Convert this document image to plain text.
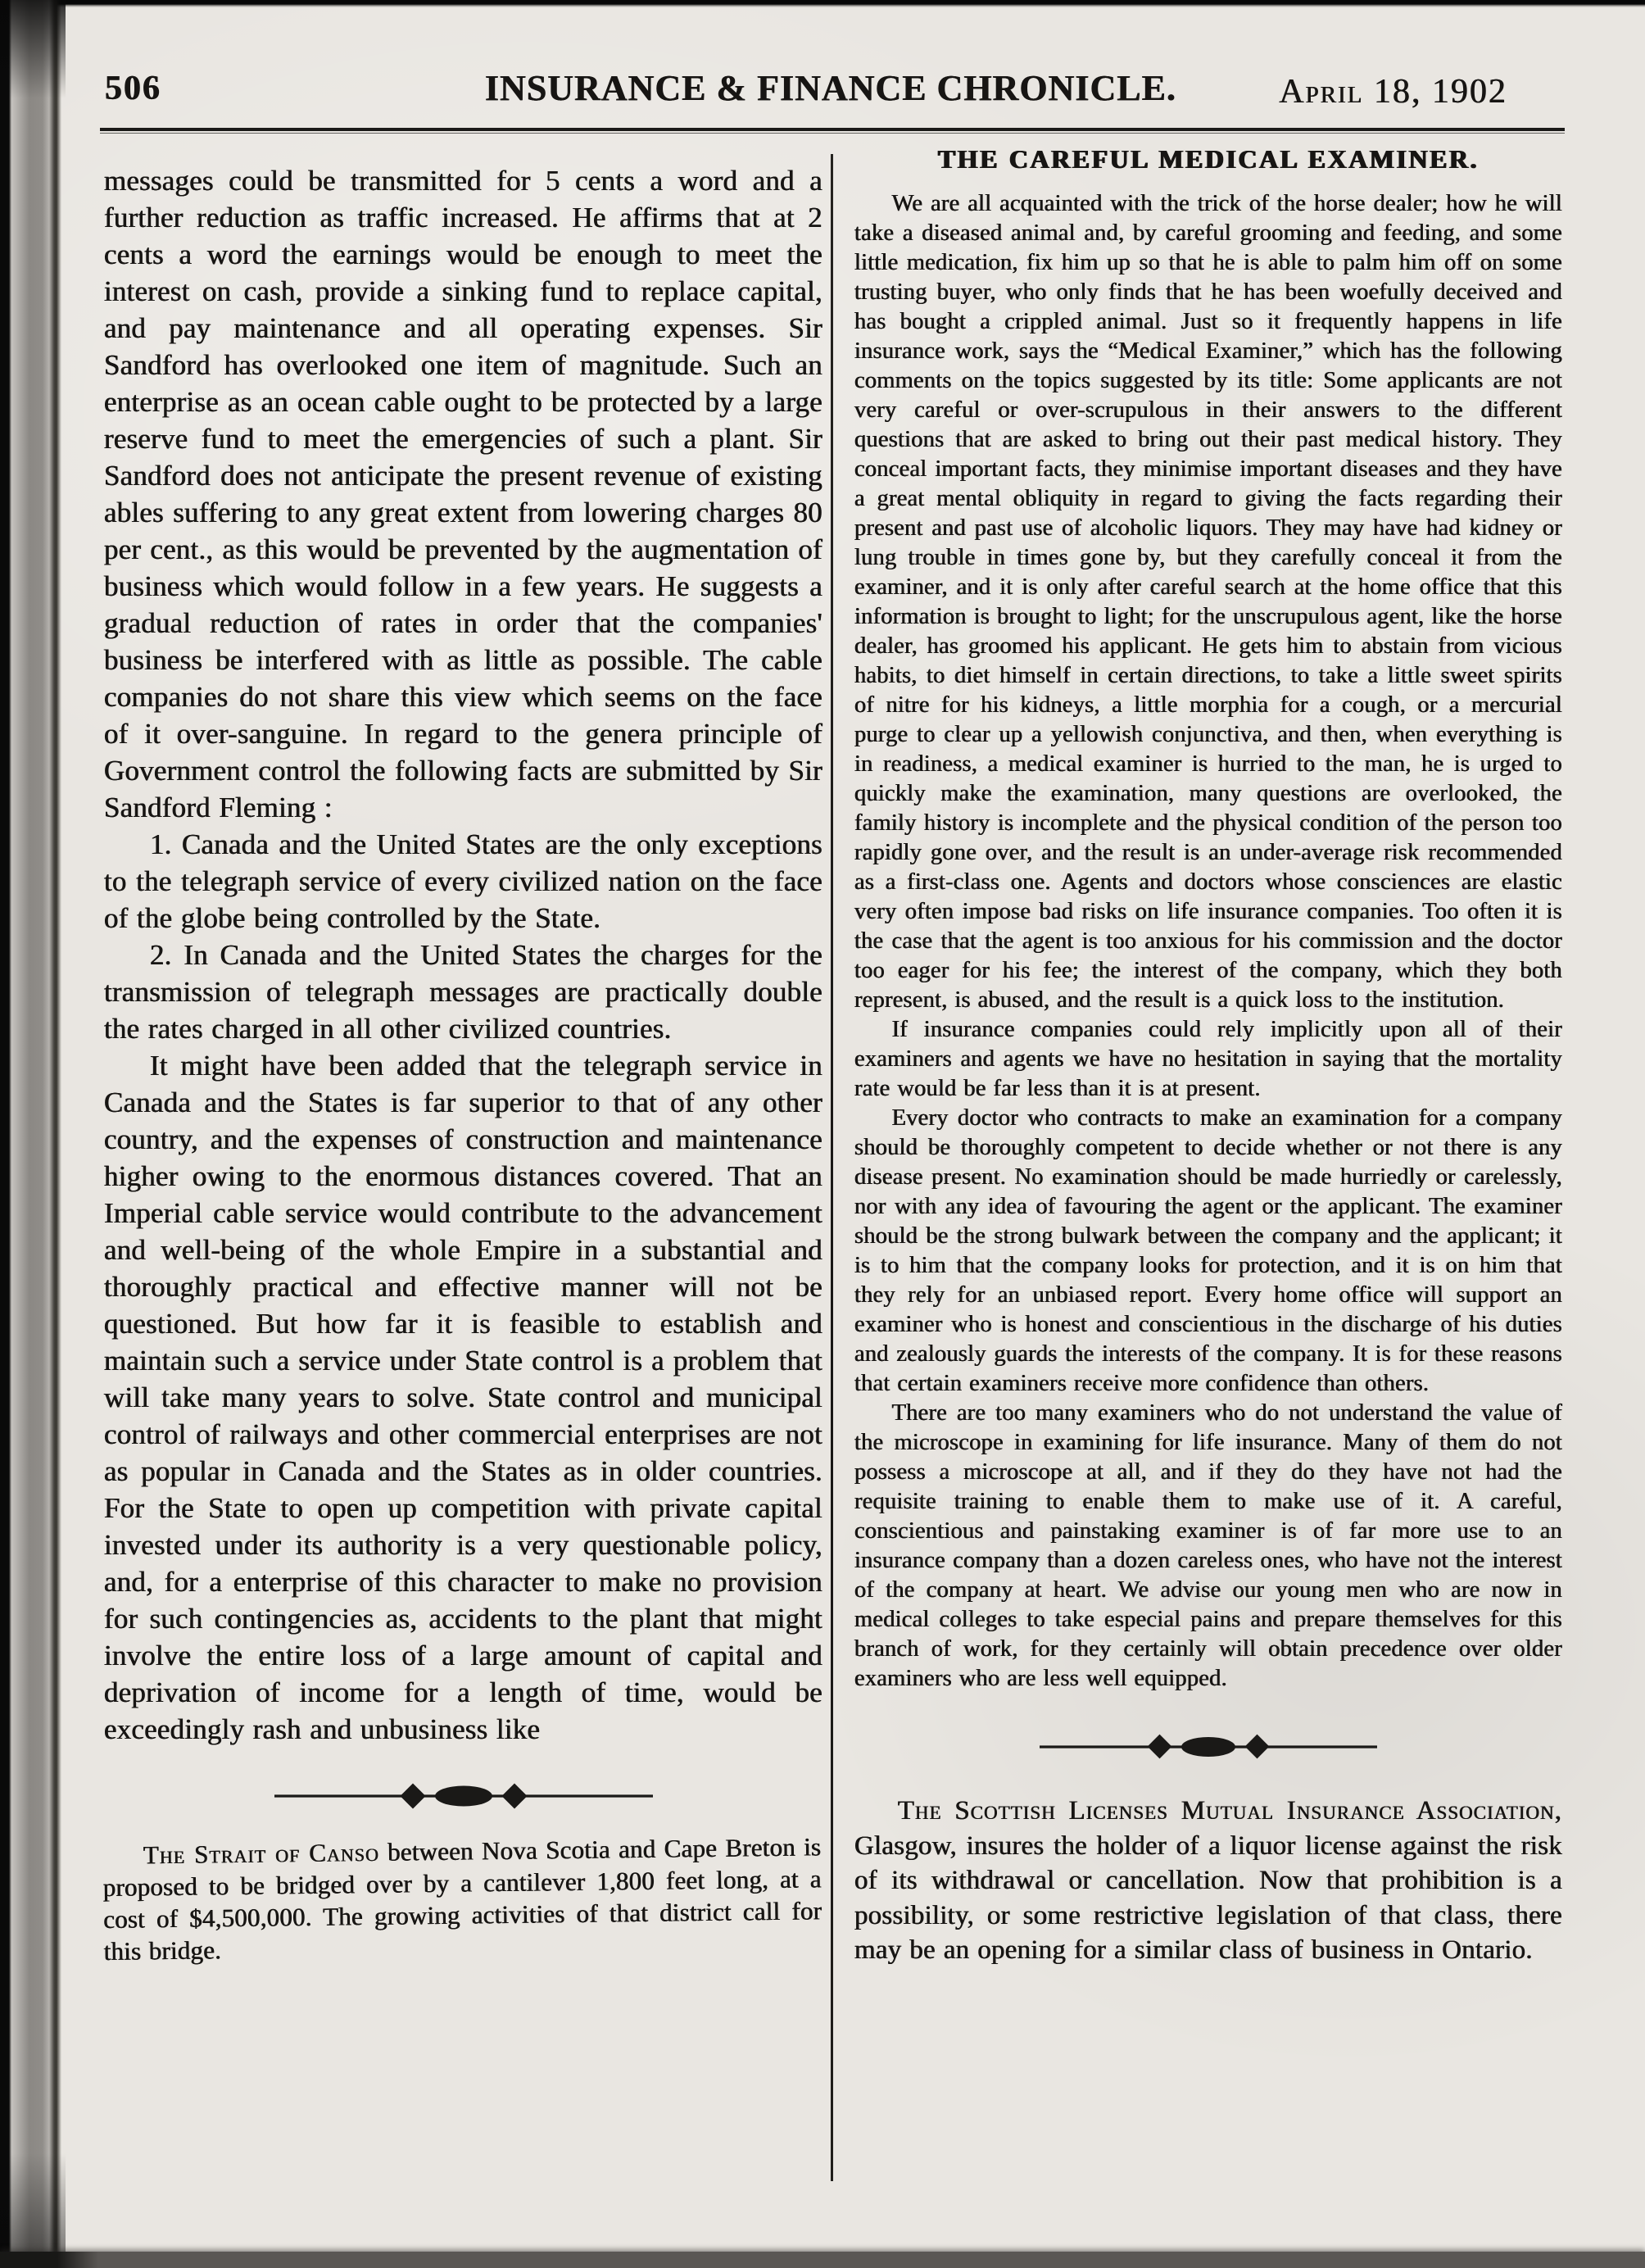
506	INSURANCE & FINANCE CHRONICLE.	April 18, 1902

messages could be transmitted for 5 cents a word and a further reduction as traffic increased. He affirms that at 2 cents a word the earnings would be enough to meet the interest on cash, provide a sinking fund to replace capital, and pay maintenance and all operating expenses. Sir Sandford has overlooked one item of magnitude. Such an enterprise as an ocean cable ought to be protected by a large reserve fund to meet the emergencies of such a plant. Sir Sandford does not anticipate the present revenue of existing ables suffering to any great extent from lowering charges 80 per cent., as this would be prevented by the augmentation of business which would follow in a few years. He suggests a gradual reduction of rates in order that the companies' business be interfered with as little as possible. The cable companies do not share this view which seems on the face of it over-sanguine. In regard to the genera principle of Government control the following facts are submitted by Sir Sandford Fleming :

1. Canada and the United States are the only exceptions to the telegraph service of every civilized nation on the face of the globe being controlled by the State.

2. In Canada and the United States the charges for the transmission of telegraph messages are practically double the rates charged in all other civilized countries.

It might have been added that the telegraph service in Canada and the States is far superior to that of any other country, and the expenses of construction and maintenance higher owing to the enormous distances covered. That an Imperial cable service would contribute to the advancement and well-being of the whole Empire in a substantial and thoroughly practical and effective manner will not be questioned. But how far it is feasible to establish and maintain such a service under State control is a problem that will take many years to solve. State control and municipal control of railways and other commercial enterprises are not as popular in Canada and the States as in older countries. For the State to open up competition with private capital invested under its authority is a very questionable policy, and, for a enterprise of this character to make no provision for such contingencies as, accidents to the plant that might involve the entire loss of a large amount of capital and deprivation of income for a length of time, would be exceedingly rash and unbusiness like

The Strait of Canso between Nova Scotia and Cape Breton is proposed to be bridged over by a cantilever 1,800 feet long, at a cost of $4,500,000. The growing activities of that district call for this bridge.

THE CAREFUL MEDICAL EXAMINER.

We are all acquainted with the trick of the horse dealer; how he will take a diseased animal and, by careful grooming and feeding, and some little medication, fix him up so that he is able to palm him off on some trusting buyer, who only finds that he has been woefully deceived and has bought a crippled animal. Just so it frequently happens in life insurance work, says the “Medical Examiner,” which has the following comments on the topics suggested by its title: Some applicants are not very careful or over-scrupulous in their answers to the different questions that are asked to bring out their past medical history. They conceal important facts, they minimise important diseases and they have a great mental obliquity in regard to giving the facts regarding their present and past use of alcoholic liquors. They may have had kidney or lung trouble in times gone by, but they carefully conceal it from the examiner, and it is only after careful search at the home office that this information is brought to light; for the unscrupulous agent, like the horse dealer, has groomed his applicant. He gets him to abstain from vicious habits, to diet himself in certain directions, to take a little sweet spirits of nitre for his kidneys, a little morphia for a cough, or a mercurial purge to clear up a yellowish conjunctiva, and then, when everything is in readiness, a medical examiner is hurried to the man, he is urged to quickly make the examination, many questions are overlooked, the family history is incomplete and the physical condition of the person too rapidly gone over, and the result is an under-average risk recommended as a first-class one. Agents and doctors whose consciences are elastic very often impose bad risks on life insurance companies. Too often it is the case that the agent is too anxious for his commission and the doctor too eager for his fee; the interest of the company, which they both represent, is abused, and the result is a quick loss to the institution.

If insurance companies could rely implicitly upon all of their examiners and agents we have no hesitation in saying that the mortality rate would be far less than it is at present.

Every doctor who contracts to make an examination for a company should be thoroughly competent to decide whether or not there is any disease present. No examination should be made hurriedly or carelessly, nor with any idea of favouring the agent or the applicant. The examiner should be the strong bulwark between the company and the applicant; it is to him that the company looks for protection, and it is on him that they rely for an unbiased report. Every home office will support an examiner who is honest and conscientious in the discharge of his duties and zealously guards the interests of the company. It is for these reasons that certain examiners receive more confidence than others.

There are too many examiners who do not understand the value of the microscope in examining for life insurance. Many of them do not possess a microscope at all, and if they do they have not had the requisite training to enable them to make use of it. A careful, conscientious and painstaking examiner is of far more use to an insurance company than a dozen careless ones, who have not the interest of the company at heart. We advise our young men who are now in medical colleges to take especial pains and prepare themselves for this branch of work, for they certainly will obtain precedence over older examiners who are less well equipped.

The Scottish Licenses Mutual Insurance Association, Glasgow, insures the holder of a liquor license against the risk of its withdrawal or cancellation. Now that prohibition is a possibility, or some restrictive legislation of that class, there may be an opening for a similar class of business in Ontario.
